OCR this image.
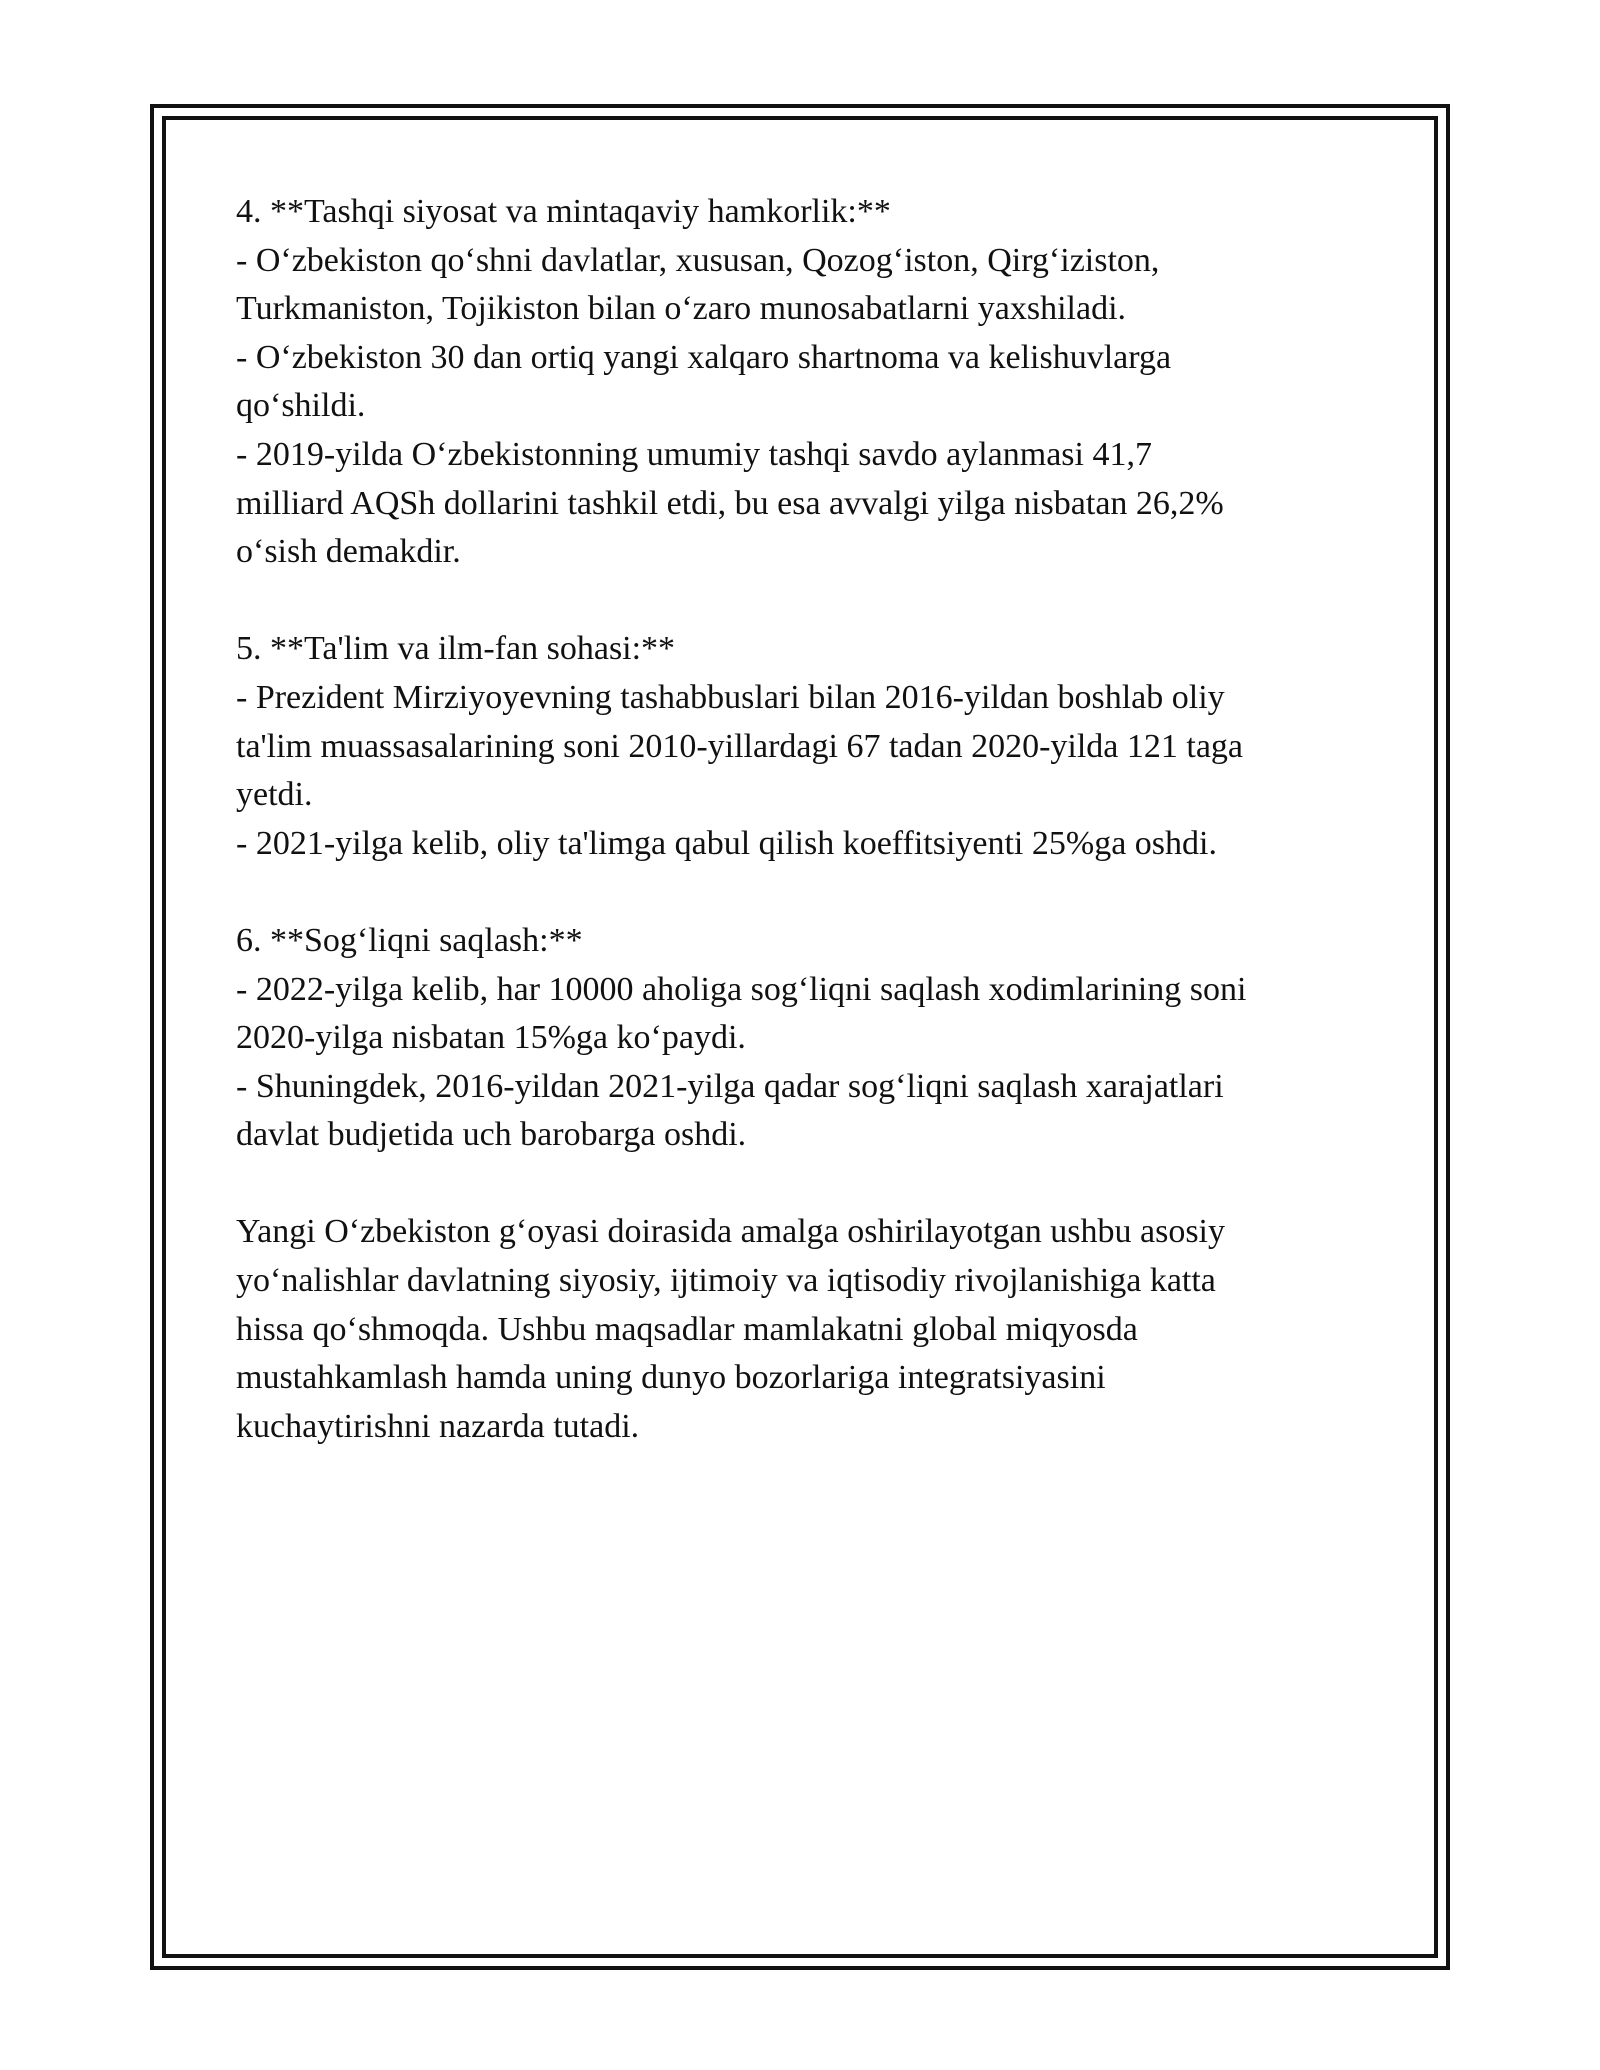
4. **Tashqi siyosat va mintaqaviy hamkorlik:**

- O‘zbekiston qo‘shni davlatlar, xususan, Qozog‘iston, Qirg‘iziston,
Turkmaniston, Tojikiston bilan o‘zaro munosabatlarni yaxshiladi.

- O‘zbekiston 30 dan ortiq yangi xalqaro shartnoma va kelishuvlarga
qo‘shildi.

- 2019-yilda O‘zbekistonning umumiy tashqi savdo aylanmasi 41,7
milliard AQSh dollarini tashkil etdi, bu esa avvalgi yilga nisbatan 26,2%
o‘sish demakdir.

5. **Ta'lim va ilm-fan sohasi:**

- Prezident Mirziyoyevning tashabbuslari bilan 2016-yildan boshlab oliy
ta'lim muassasalarining soni 2010-yillardagi 67 tadan 2020-yilda 121 taga
yetdi.

- 2021-yilga kelib, oliy ta'limga qabul qilish koeffitsiyenti 25%ga oshdi.

6. **Sog‘liqni saqlash:**

- 2022-yilga kelib, har 10000 aholiga sog‘liqni saqlash xodimlarining soni
2020-yilga nisbatan 15%ga ko‘paydi.

- Shuningdek, 2016-yildan 2021-yilga qadar sog‘liqni saqlash xarajatlari
davlat budjetida uch barobarga oshdi.

Yangi O‘zbekiston g‘oyasi doirasida amalga oshirilayotgan ushbu asosiy
yo‘nalishlar davlatning siyosiy, ijtimoiy va iqtisodiy rivojlanishiga katta
hissa qo‘shmoqda. Ushbu maqsadlar mamlakatni global miqyosda
mustahkamlash hamda uning dunyo bozorlariga integratsiyasini
kuchaytirishni nazarda tutadi.
